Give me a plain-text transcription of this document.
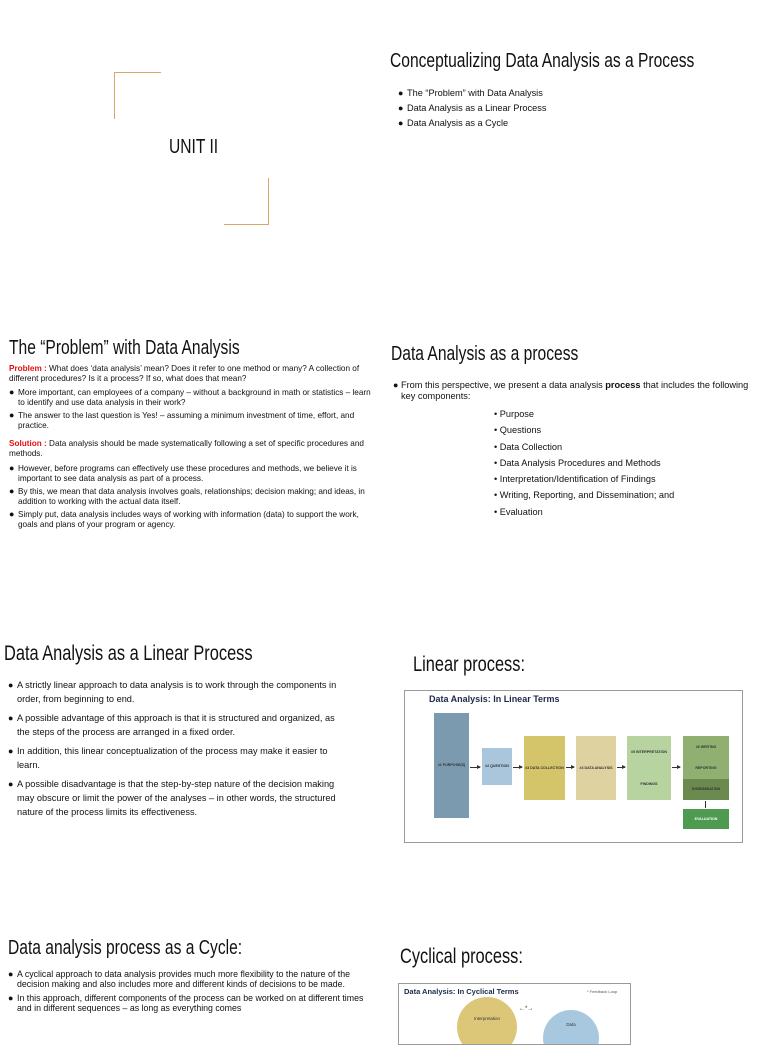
UNIT II
Conceptualizing Data Analysis as a Process
● The “Problem” with Data Analysis
● Data Analysis as a Linear Process
● Data Analysis as a Cycle
The “Problem” with Data Analysis
Problem : What does ‘data analysis’ mean? Does it refer to one method or many? A collection of different procedures? Is it a process? If so, what does that mean?
● More important, can employees of a company – without a background in math or statistics – learn to identify and use data analysis in their work?
● The answer to the last question is Yes! – assuming a minimum investment of time, effort, and practice.
Solution : Data analysis should be made systematically following a set of specific procedures and methods.
● However, before programs can effectively use these procedures and methods, we believe it is important to see data analysis as part of a process.
● By this, we mean that data analysis involves goals, relationships; decision making; and ideas, in addition to working with the actual data itself.
● Simply put, data analysis includes ways of working with information (data) to support the work, goals and plans of your program or agency.
Data Analysis as a process
● From this perspective, we present a data analysis process that includes the following key components:
• Purpose
• Questions
• Data Collection
• Data Analysis Procedures and Methods
• Interpretation/Identification of Findings
• Writing, Reporting, and Dissemination; and
• Evaluation
Data Analysis as a Linear Process
● A strictly linear approach to data analysis is to work through the components in order, from beginning to end.
● A possible advantage of this approach is that it is structured and organized, as the steps of the process are arranged in a fixed order.
● In addition, this linear conceptualization of the process may make it easier to learn.
● A possible disadvantage is that the step-by-step nature of the decision making may obscure or limit the power of the analyses – in other words, the structured nature of the process limits its effectiveness.
Linear process:
Data Analysis: In Linear Terms
#1 PURPOSE(S)	#2 QUESTION	#3 DATA COLLECTION	#4 DATA ANALYSIS
#5 INTERPRETATION
FINDINGS
#6 WRITING
REPORTING
DISSEMINATION
EVALUATION
Data analysis process as a Cycle:
● A cyclical approach to data analysis provides much more flexibility to the nature of the decision making and also includes more and different kinds of decisions to be made.
● In this approach, different components of the process can be worked on at different times and in different sequences – as long as everything comes
Cyclical process:
Data Analysis: In Cyclical Terms	* Feedback Loop
Interpretation
←*→
Data
